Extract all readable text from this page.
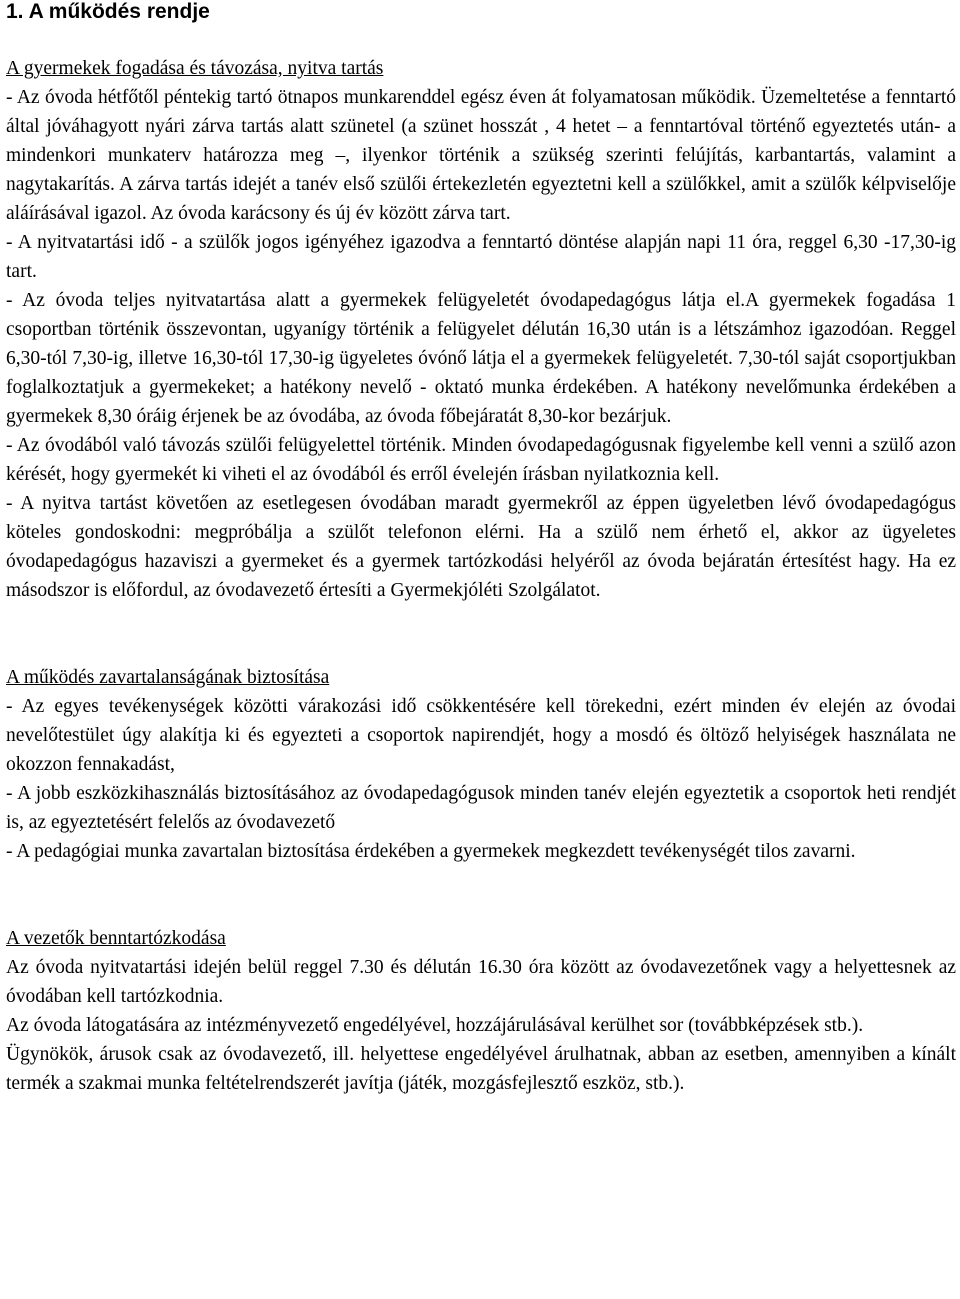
1. A működés rendje

A gyermekek fogadása és távozása, nyitva tartás

- Az óvoda hétfőtől péntekig tartó ötnapos munkarenddel egész éven át folyamatosan működik. Üzemeltetése a fenntartó által jóváhagyott nyári zárva tartás alatt szünetel (a szünet hosszát , 4 hetet – a fenntartóval történő egyeztetés után- a mindenkori munkaterv határozza meg –, ilyenkor történik a szükség szerinti felújítás, karbantartás, valamint a nagytakarítás. A zárva tartás idejét a tanév első szülői értekezletén egyeztetni kell a szülőkkel, amit a szülők kélpviselője aláírásával igazol. Az óvoda karácsony és új év között zárva tart.

- A nyitvatartási idő - a szülők jogos igényéhez igazodva a fenntartó döntése alapján napi 11 óra, reggel 6,30 -17,30-ig tart.

- Az óvoda teljes nyitvatartása alatt a gyermekek felügyeletét óvodapedagógus látja el.A gyermekek fogadása 1 csoportban történik összevontan, ugyanígy történik a felügyelet délután 16,30 után is a létszámhoz igazodóan. Reggel 6,30-tól 7,30-ig, illetve 16,30-tól 17,30-ig ügyeletes óvónő látja el a gyermekek felügyeletét. 7,30-tól saját csoportjukban foglalkoztatjuk a gyermekeket; a hatékony nevelő - oktató munka érdekében. A hatékony nevelőmunka érdekében a gyermekek 8,30 óráig érjenek be az óvodába, az óvoda főbejáratát 8,30-kor bezárjuk.

- Az óvodából való távozás szülői felügyelettel történik. Minden óvodapedagógusnak figyelembe kell venni a szülő azon kérését, hogy gyermekét ki viheti el az óvodából és erről évelején írásban nyilatkoznia kell.

- A nyitva tartást követően az esetlegesen óvodában maradt gyermekről az éppen ügyeletben lévő óvodapedagógus köteles gondoskodni: megpróbálja a szülőt telefonon elérni. Ha a szülő nem érhető el, akkor az ügyeletes óvodapedagógus hazaviszi a gyermeket és a gyermek tartózkodási helyéről az óvoda bejáratán értesítést hagy. Ha ez másodszor is előfordul, az óvodavezető értesíti a Gyermekjóléti Szolgálatot.

A működés zavartalanságának biztosítása

- Az egyes tevékenységek közötti várakozási idő csökkentésére kell törekedni, ezért minden év elején az óvodai nevelőtestület úgy alakítja ki és egyezteti a csoportok napirendjét, hogy a mosdó és öltöző helyiségek használata ne okozzon fennakadást,

- A jobb eszközkihasználás biztosításához az óvodapedagógusok minden tanév elején egyeztetik a csoportok heti rendjét is, az egyeztetésért felelős az óvodavezető

- A pedagógiai munka zavartalan biztosítása érdekében a gyermekek megkezdett tevékenységét tilos zavarni.

A vezetők benntartózkodása

Az óvoda nyitvatartási idején belül reggel 7.30 és délután 16.30 óra között az óvodavezetőnek vagy a helyettesnek az óvodában kell tartózkodnia.

Az óvoda látogatására az intézményvezető engedélyével, hozzájárulásával kerülhet sor (továbbképzések stb.).

Ügynökök, árusok csak az óvodavezető, ill. helyettese engedélyével árulhatnak, abban az esetben, amennyiben a kínált termék a szakmai munka feltételrendszerét javítja (játék, mozgásfejlesztő eszköz, stb.).
